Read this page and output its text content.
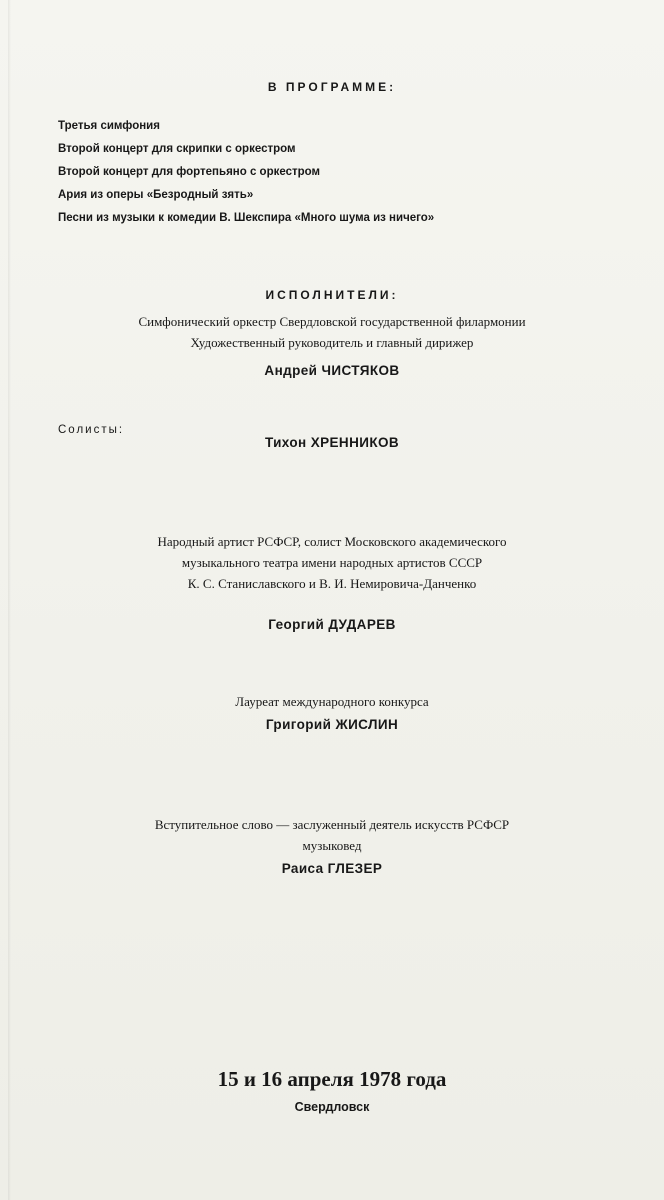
В ПРОГРАММЕ:
Третья симфония
Второй концерт для скрипки с оркестром
Второй концерт для фортепьяно с оркестром
Ария из оперы «Безродный зять»
Песни из музыки к комедии В. Шекспира «Много шума из ничего»
ИСПОЛНИТЕЛИ:
Симфонический оркестр Свердловской государственной филармонии
Художественный руководитель и главный дирижер
Андрей ЧИСТЯКОВ
Солисты:
Тихон ХРЕННИКОВ
Народный артист РСФСР, солист Московского академического
музыкального театра имени народных артистов СССР
К. С. Станиславского и В. И. Немировича-Данченко
Георгий ДУДАРЕВ
Лауреат международного конкурса
Григорий ЖИСЛИН
Вступительное слово — заслуженный деятель искусств РСФСР
музыковед
Раиса ГЛЕЗЕР
15 и 16 апреля 1978 года
Свердловск
